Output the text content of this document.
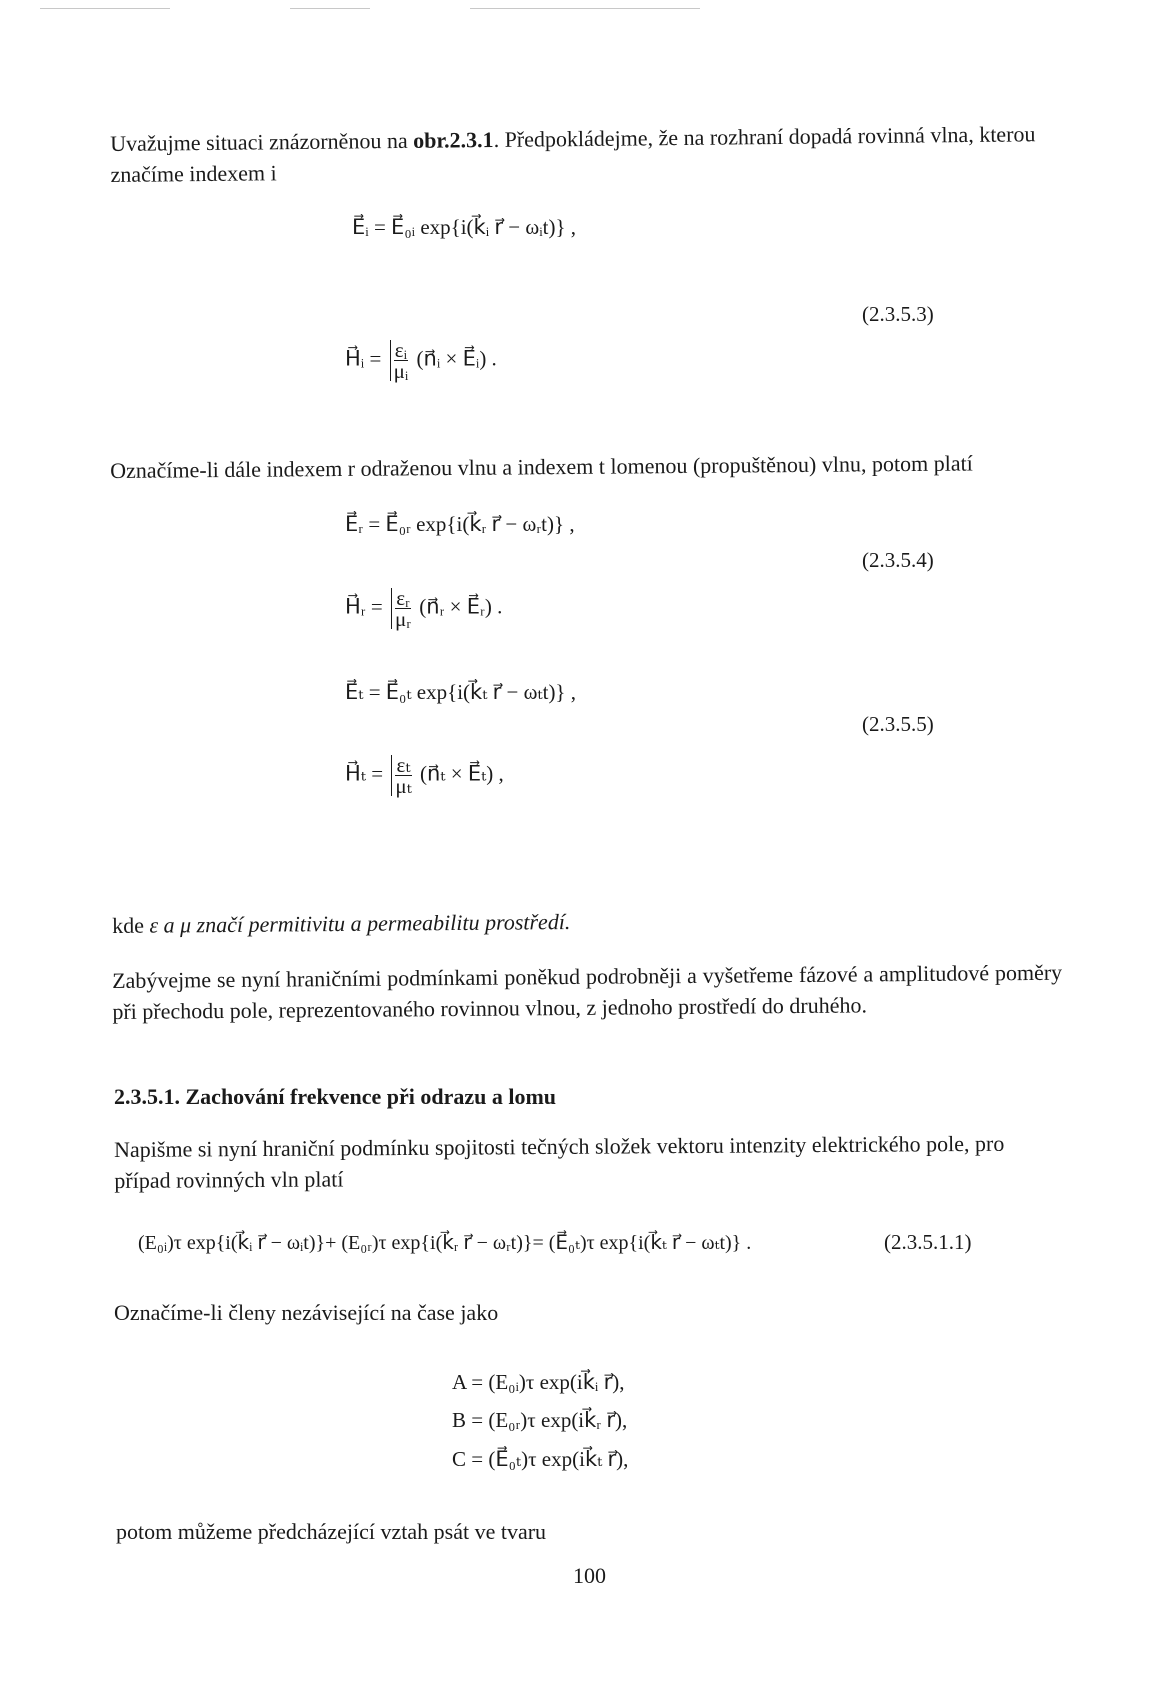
Uvažujme situaci znázorněnou na obr.2.3.1. Předpokládejme, že na rozhraní dopadá rovinná vlna, kterou značíme indexem i

E⃗ᵢ = E⃗₀ᵢ exp{i(k⃗ᵢ r⃗ − ωᵢt)} ,
(2.3.5.3)
H⃗ᵢ = $\frac{\text{εᵢ}}{\text{μᵢ}}$ (n⃗ᵢ × E⃗ᵢ) .

Označíme-li dále indexem r odraženou vlnu a indexem t lomenou (propuštěnou) vlnu, potom platí

E⃗ᵣ = E⃗₀ᵣ exp{i(k⃗ᵣ r⃗ − ωᵣt)} ,
(2.3.5.4)
H⃗ᵣ = $\frac{\text{εᵣ}}{\text{μᵣ}}$ (n⃗ᵣ × E⃗ᵣ) .
E⃗ₜ = E⃗₀ₜ exp{i(k⃗ₜ r⃗ − ωₜt)} ,
(2.3.5.5)
H⃗ₜ = $\frac{\text{εₜ}}{\text{μₜ}}$ (n⃗ₜ × E⃗ₜ) ,

kde ε a μ značí permitivitu a permeabilitu prostředí.

Zabývejme se nyní hraničními podmínkami poněkud podrobněji a vyšetřeme fázové a amplitudové poměry při přechodu pole, reprezentovaného rovinnou vlnou, z jednoho prostředí do druhého.

2.3.5.1. Zachování frekvence při odrazu a lomu

Napišme si nyní hraniční podmínku spojitosti tečných složek vektoru intenzity elektrického pole, pro případ rovinných vln platí

(E₀ᵢ)τ exp{i(k⃗ᵢ r⃗ − ωᵢt)}+ (E₀ᵣ)τ exp{i(k⃗ᵣ r⃗ − ωᵣt)}= (E⃗₀ₜ)τ exp{i(k⃗ₜ r⃗ − ωₜt)} .	(2.3.5.1.1)

Označíme-li členy nezávisející na čase jako

A = (E₀ᵢ)τ exp(ik⃗ᵢ r⃗),
B = (E₀ᵣ)τ exp(ik⃗ᵣ r⃗),
C = (E⃗₀ₜ)τ exp(ik⃗ₜ r⃗),

potom můžeme předcházející vztah psát ve tvaru

100
